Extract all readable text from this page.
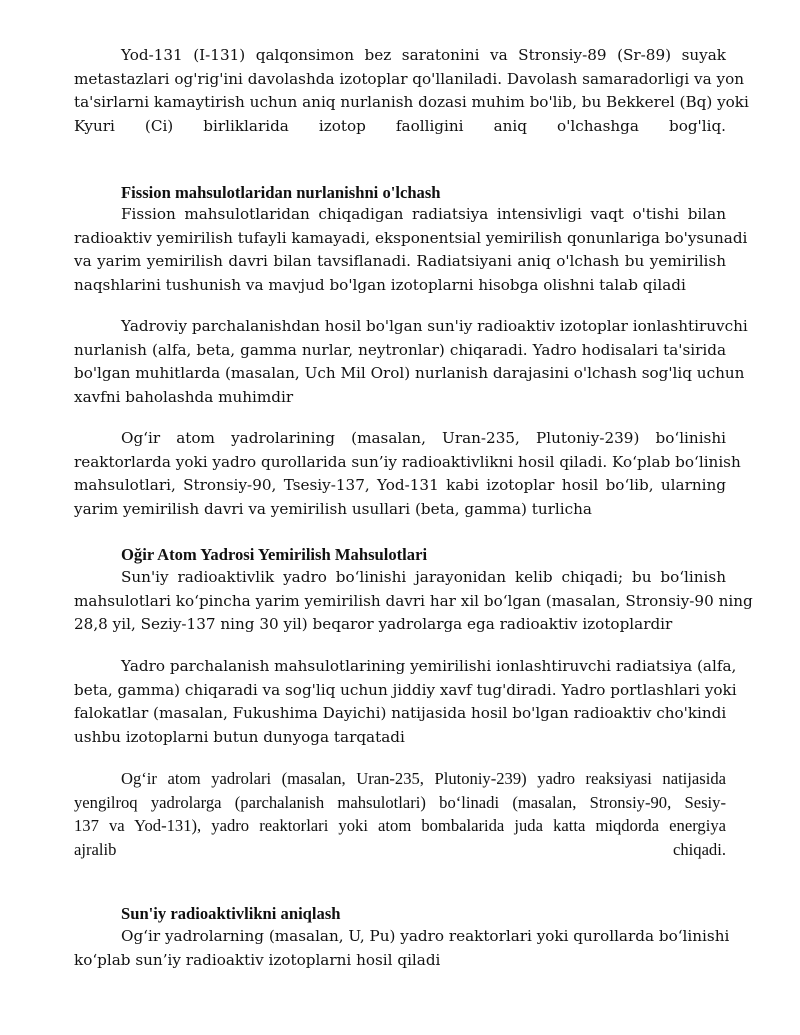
Yod-131 (I-131) qalqonsimon bez saratonini va Stronsiy-89 (Sr-89) suyak
metastazlari og'rig'ini davolashda izotoplar qo'llaniladi. Davolash samaradorligi va yon
ta'sirlarni kamaytirish uchun aniq nurlanish dozasi muhim bo'lib, bu Bekkerel (Bq) yoki
Kyuri (Ci) birliklarida izotop faolligini aniq o'lchashga bog'liq.
Fission mahsulotlaridan nurlanishni o'lchash
Fission mahsulotlaridan chiqadigan radiatsiya intensivligi vaqt o'tishi bilan
radioaktiv yemirilish tufayli kamayadi, eksponentsial yemirilish qonunlariga bo'ysunadi
va yarim yemirilish davri bilan tavsiflanadi. Radiatsiyani aniq o'lchash bu yemirilish
naqshlarini tushunish va mavjud bo'lgan izotoplarni hisobga olishni talab qiladi
Yadroviy parchalanishdan hosil bo'lgan sun'iy radioaktiv izotoplar ionlashtiruvchi
nurlanish (alfa, beta, gamma nurlar, neytronlar) chiqaradi. Yadro hodisalari ta'sirida
bo'lgan muhitlarda (masalan, Uch Mil Orol) nurlanish darajasini o'lchash sog'liq uchun
xavfni baholashda muhimdir
Og‘ir atom yadrolarining (masalan, Uran-235, Plutoniy-239) bo‘linishi
reaktorlarda yoki yadro qurollarida sun’iy radioaktivlikni hosil qiladi. Ko‘plab bo‘linish
mahsulotlari, Stronsiy-90, Tsesiy-137, Yod-131 kabi izotoplar hosil bo‘lib, ularning
yarim yemirilish davri va yemirilish usullari (beta, gamma) turlicha
Oğir Atom Yadrosi Yemirilish Mahsulotlari
Sun'iy radioaktivlik yadro bo‘linishi jarayonidan kelib chiqadi; bu bo‘linish
mahsulotlari ko‘pincha yarim yemirilish davri har xil bo‘lgan (masalan, Stronsiy-90 ning
28,8 yil, Seziy-137 ning 30 yil) beqaror yadrolarga ega radioaktiv izotoplardir
Yadro parchalanish mahsulotlarining yemirilishi ionlashtiruvchi radiatsiya (alfa,
beta, gamma) chiqaradi va sog'liq uchun jiddiy xavf tug'diradi. Yadro portlashlari yoki
falokatlar (masalan, Fukushima Dayichi) natijasida hosil bo'lgan radioaktiv cho'kindi
ushbu izotoplarni butun dunyoga tarqatadi
Og‘ir atom yadrolari (masalan, Uran-235, Plutoniy-239) yadro reaksiyasi natijasida
yengilroq yadrolarga (parchalanish mahsulotlari) bo‘linadi (masalan, Stronsiy-90, Sesiy-
137 va Yod-131), yadro reaktorlari yoki atom bombalarida juda katta miqdorda energiya
ajralib chiqadi.
Sun'iy radioaktivlikni aniqlash
Og‘ir yadrolarning (masalan, U, Pu) yadro reaktorlari yoki qurollarda bo‘linishi
ko‘plab sun’iy radioaktiv izotoplarni hosil qiladi
